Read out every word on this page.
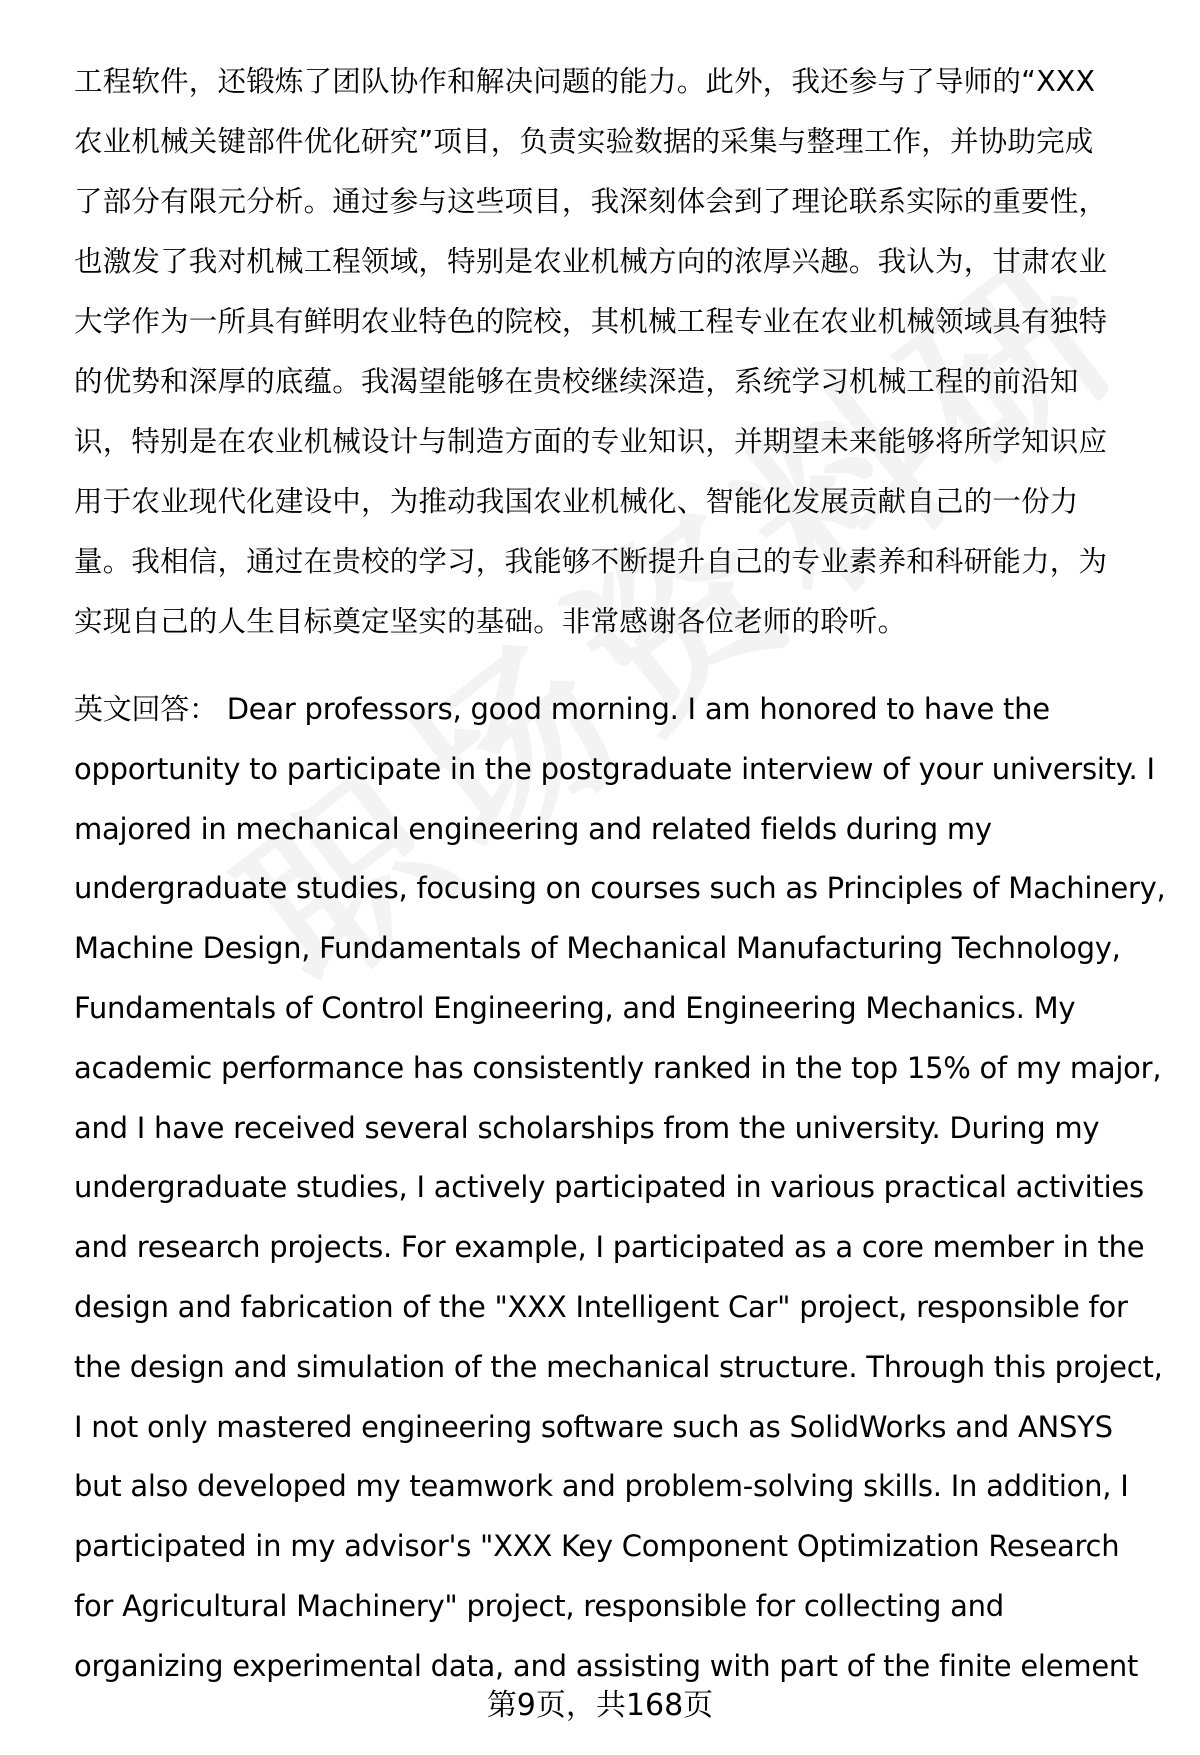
工程软件，还锻炼了团队协作和解决问题的能力。此外，我还参与了导师的“XXX
农业机械关键部件优化研究”项目，负责实验数据的采集与整理工作，并协助完成
了部分有限元分析。通过参与这些项目，我深刻体会到了理论联系实际的重要性，
也激发了我对机械工程领域，特别是农业机械方向的浓厚兴趣。我认为，甘肃农业
大学作为一所具有鲜明农业特色的院校，其机械工程专业在农业机械领域具有独特
的优势和深厚的底蕴。我渴望能够在贵校继续深造，系统学习机械工程的前沿知
识，特别是在农业机械设计与制造方面的专业知识，并期望未来能够将所学知识应
用于农业现代化建设中，为推动我国农业机械化、智能化发展贡献自己的一份力
量。我相信，通过在贵校的学习，我能够不断提升自己的专业素养和科研能力，为
实现自己的人生目标奠定坚实的基础。非常感谢各位老师的聆听。
英文回答： Dear professors, good morning. I am honored to have the
opportunity to participate in the postgraduate interview of your university. I
majored in mechanical engineering and related fields during my
undergraduate studies, focusing on courses such as Principles of Machinery,
Machine Design, Fundamentals of Mechanical Manufacturing Technology,
Fundamentals of Control Engineering, and Engineering Mechanics. My
academic performance has consistently ranked in the top 15% of my major,
and I have received several scholarships from the university. During my
undergraduate studies, I actively participated in various practical activities
and research projects. For example, I participated as a core member in the
design and fabrication of the "XXX Intelligent Car" project, responsible for
the design and simulation of the mechanical structure. Through this project,
I not only mastered engineering software such as SolidWorks and ANSYS
but also developed my teamwork and problem-solving skills. In addition, I
participated in my advisor's "XXX Key Component Optimization Research
for Agricultural Machinery" project, responsible for collecting and
organizing experimental data, and assisting with part of the finite element
第9页，共168页
